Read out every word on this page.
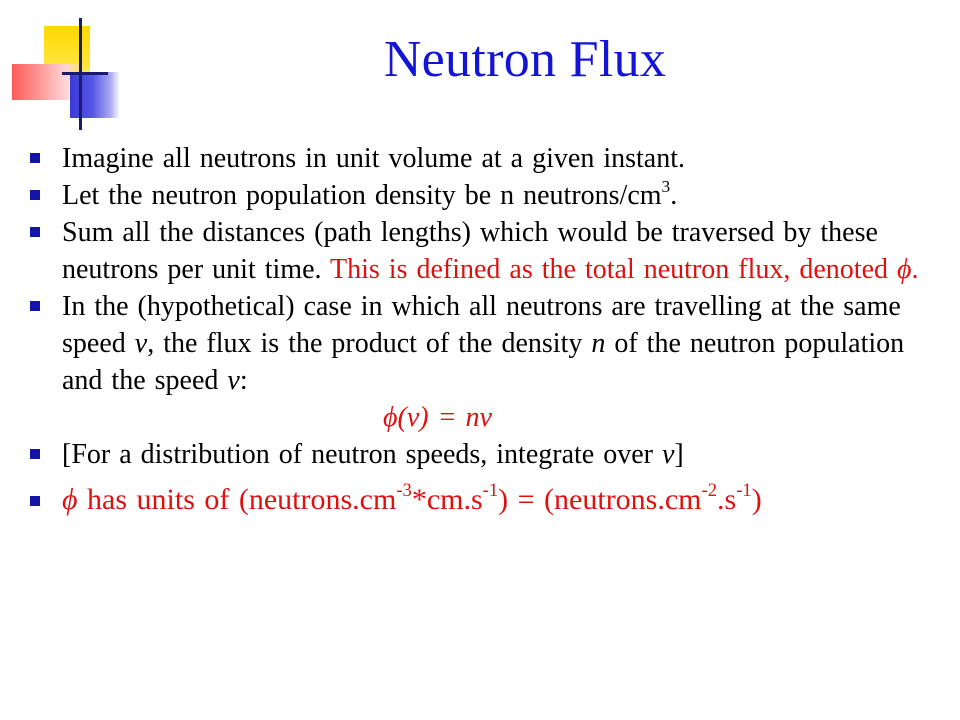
Neutron Flux
Imagine all neutrons in unit volume at a given instant.
Let the neutron population density be n neutrons/$cm^3$.
Sum all the distances (path lengths) which would be traversed by these neutrons per unit time. This is defined as the total neutron flux, denoted ϕ.
In the (hypothetical) case in which all neutrons are travelling at the same speed v, the flux is the product of the density n of the neutron population and the speed v:
ϕ(v) = nv
[For a distribution of neutron speeds, integrate over v]
ϕ has units of $(neutrons.cm^{-3}*cm.s^{-1})$ = $(neutrons.cm^{-2}.s^{-1})$
